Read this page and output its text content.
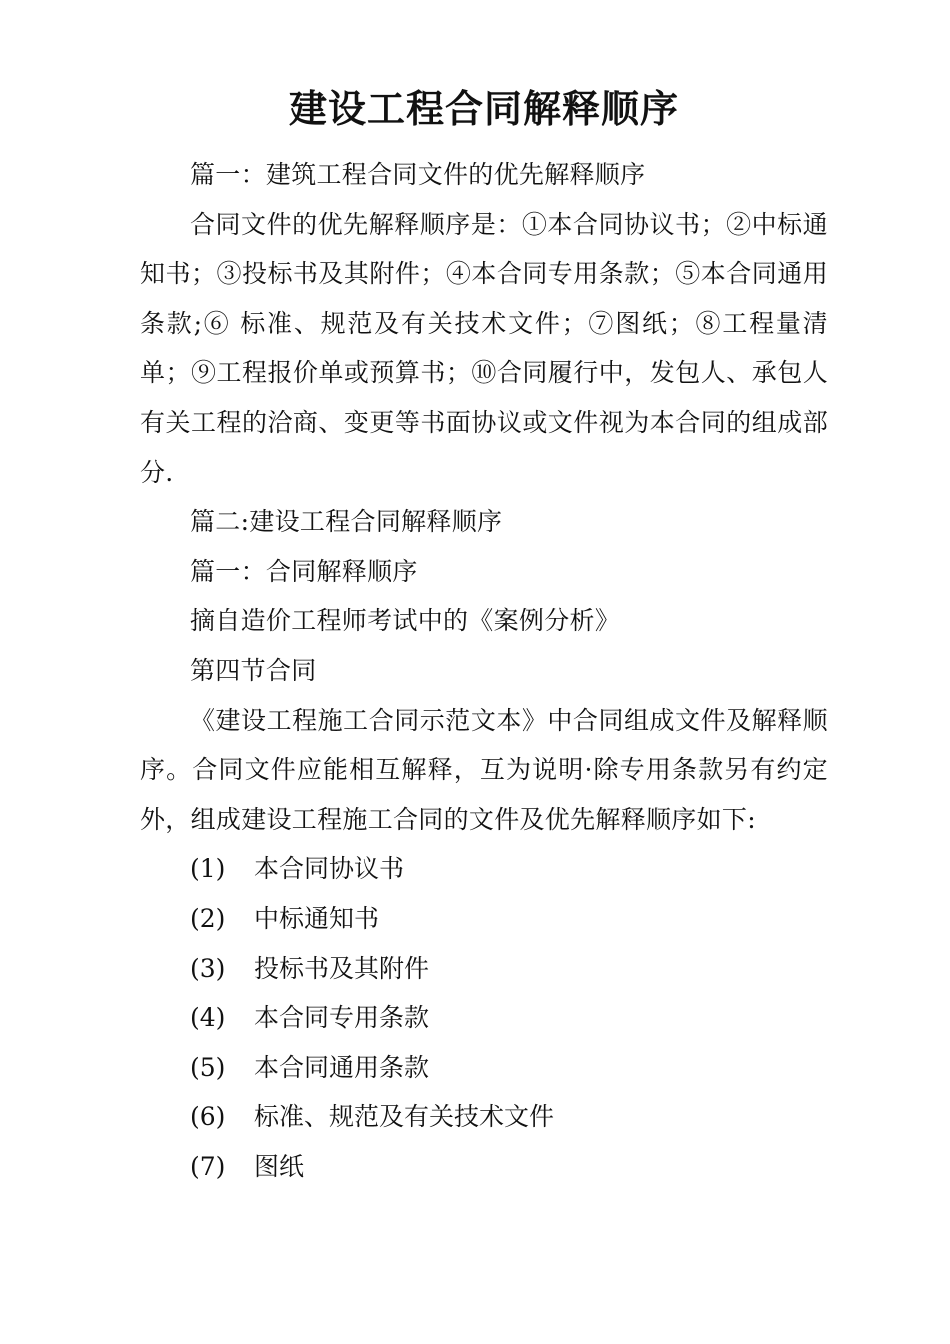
建设工程合同解释顺序

篇一：建筑工程合同文件的优先解释顺序

合同文件的优先解释顺序是：①本合同协议书；②中标通知书；③投标书及其附件；④本合同专用条款；⑤本合同通用条款;⑥ 标准、规范及有关技术文件；⑦图纸；⑧工程量清单；⑨工程报价单或预算书；⑩合同履行中，发包人、承包人有关工程的洽商、变更等书面协议或文件视为本合同的组成部分.

篇二:建设工程合同解释顺序

篇一：合同解释顺序

摘自造价工程师考试中的《案例分析》

第四节合同

《建设工程施工合同示范文本》中合同组成文件及解释顺序。合同文件应能相互解释，互为说明·除专用条款另有约定外，组成建设工程施工合同的文件及优先解释顺序如下:

(1) 本合同协议书

(2) 中标通知书

(3) 投标书及其附件

(4) 本合同专用条款

(5) 本合同通用条款

(6) 标准、规范及有关技术文件

(7) 图纸
